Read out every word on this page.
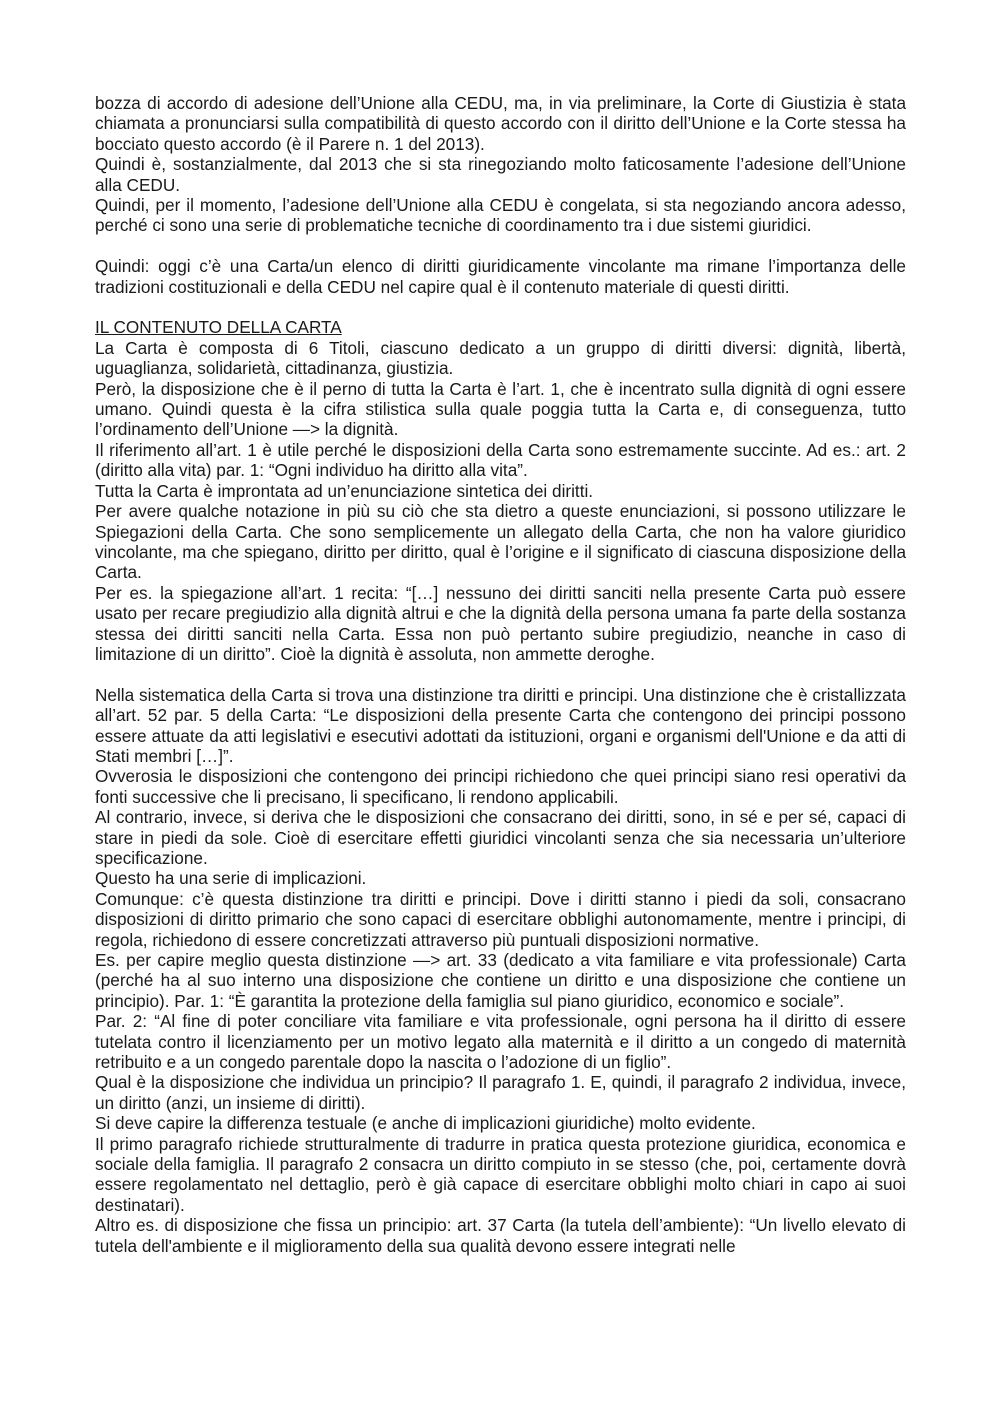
bozza di accordo di adesione dell’Unione alla CEDU, ma, in via preliminare, la Corte di Giustizia è stata chiamata a pronunciarsi sulla compatibilità di questo accordo con il diritto dell’Unione e la Corte stessa ha bocciato questo accordo (è il Parere n. 1 del 2013).

Quindi è, sostanzialmente, dal 2013 che si sta rinegoziando molto faticosamente l’adesione dell’Unione alla CEDU.

Quindi, per il momento, l’adesione dell’Unione alla CEDU è congelata, si sta negoziando ancora adesso, perché ci sono una serie di problematiche tecniche di coordinamento tra i due sistemi giuridici.

Quindi: oggi c’è una Carta/un elenco di diritti giuridicamente vincolante ma rimane l’importanza delle tradizioni costituzionali e della CEDU nel capire qual è il contenuto materiale di questi diritti.

IL CONTENUTO DELLA CARTA

La Carta è composta di 6 Titoli, ciascuno dedicato a un gruppo di diritti diversi: dignità, libertà, uguaglianza, solidarietà, cittadinanza, giustizia.

Però, la disposizione che è il perno di tutta la Carta è l’art. 1, che è incentrato sulla dignità di ogni essere umano. Quindi questa è la cifra stilistica sulla quale poggia tutta la Carta e, di conseguenza, tutto l’ordinamento dell’Unione —> la dignità.

Il riferimento all’art. 1 è utile perché le disposizioni della Carta sono estremamente succinte. Ad es.: art. 2 (diritto alla vita) par. 1: “Ogni individuo ha diritto alla vita”.

Tutta la Carta è improntata ad un’enunciazione sintetica dei diritti.

Per avere qualche notazione in più su ciò che sta dietro a queste enunciazioni, si possono utilizzare le Spiegazioni della Carta. Che sono semplicemente un allegato della Carta, che non ha valore giuridico vincolante, ma che spiegano, diritto per diritto, qual è l’origine e il significato di ciascuna disposizione della Carta.

Per es. la spiegazione all’art. 1 recita: “[…] nessuno dei diritti sanciti nella presente Carta può essere usato per recare pregiudizio alla dignità altrui e che la dignità della persona umana fa parte della sostanza stessa dei diritti sanciti nella Carta. Essa non può pertanto subire pregiudizio, neanche in caso di limitazione di un diritto”. Cioè la dignità è assoluta, non ammette deroghe.

Nella sistematica della Carta si trova una distinzione tra diritti e principi. Una distinzione che è cristallizzata all’art. 52 par. 5 della Carta: “Le disposizioni della presente Carta che contengono dei principi possono essere attuate da atti legislativi e esecutivi adottati da istituzioni, organi e organismi dell'Unione e da atti di Stati membri […]”.

Ovverosia le disposizioni che contengono dei principi richiedono che quei principi siano resi operativi da fonti successive che li precisano, li specificano, li rendono applicabili.

Al contrario, invece, si deriva che le disposizioni che consacrano dei diritti, sono, in sé e per sé, capaci di stare in piedi da sole. Cioè di esercitare effetti giuridici vincolanti senza che sia necessaria un’ulteriore specificazione.

Questo ha una serie di implicazioni.

Comunque: c’è questa distinzione tra diritti e principi. Dove i diritti stanno i piedi da soli, consacrano disposizioni di diritto primario che sono capaci di esercitare obblighi autonomamente, mentre i principi, di regola, richiedono di essere concretizzati attraverso più puntuali disposizioni normative.

Es. per capire meglio questa distinzione —> art. 33 (dedicato a vita familiare e vita professionale) Carta (perché ha al suo interno una disposizione che contiene un diritto e una disposizione che contiene un principio). Par. 1: “È garantita la protezione della famiglia sul piano giuridico, economico e sociale”.

Par. 2: “Al fine di poter conciliare vita familiare e vita professionale, ogni persona ha il diritto di essere tutelata contro il licenziamento per un motivo legato alla maternità e il diritto a un congedo di maternità retribuito e a un congedo parentale dopo la nascita o l’adozione di un figlio”.

Qual è la disposizione che individua un principio? Il paragrafo 1. E, quindi, il paragrafo 2 individua, invece, un diritto (anzi, un insieme di diritti).

Si deve capire la differenza testuale (e anche di implicazioni giuridiche) molto evidente.

Il primo paragrafo richiede strutturalmente di tradurre in pratica questa protezione giuridica, economica e sociale della famiglia. Il paragrafo 2 consacra un diritto compiuto in se stesso (che, poi, certamente dovrà essere regolamentato nel dettaglio, però è già capace di esercitare obblighi molto chiari in capo ai suoi destinatari).

Altro es. di disposizione che fissa un principio: art. 37 Carta (la tutela dell’ambiente): “Un livello elevato di tutela dell'ambiente e il miglioramento della sua qualità devono essere integrati nelle
